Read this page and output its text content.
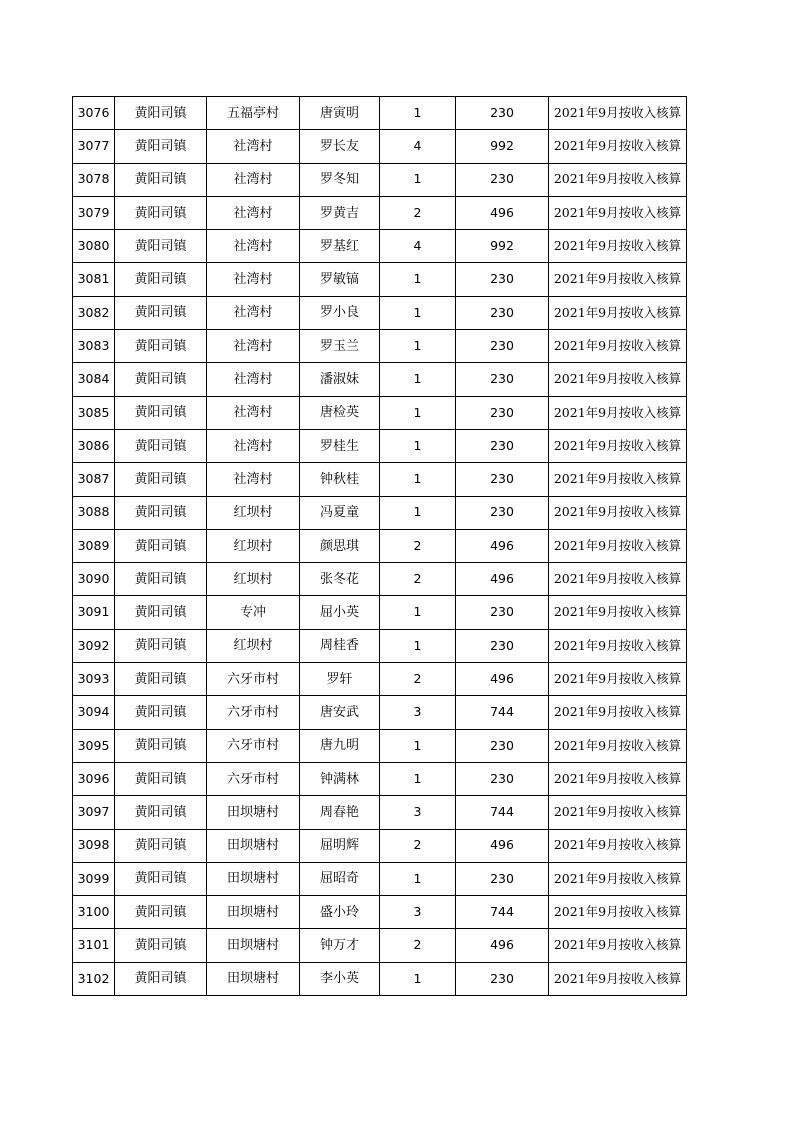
3076	黄阳司镇	五福亭村	唐寅明	1	230	2021年9月按收入核算
3077	黄阳司镇	社湾村	罗长友	4	992	2021年9月按收入核算
3078	黄阳司镇	社湾村	罗冬知	1	230	2021年9月按收入核算
3079	黄阳司镇	社湾村	罗黄吉	2	496	2021年9月按收入核算
3080	黄阳司镇	社湾村	罗基红	4	992	2021年9月按收入核算
3081	黄阳司镇	社湾村	罗敏镐	1	230	2021年9月按收入核算
3082	黄阳司镇	社湾村	罗小良	1	230	2021年9月按收入核算
3083	黄阳司镇	社湾村	罗玉兰	1	230	2021年9月按收入核算
3084	黄阳司镇	社湾村	潘淑妹	1	230	2021年9月按收入核算
3085	黄阳司镇	社湾村	唐检英	1	230	2021年9月按收入核算
3086	黄阳司镇	社湾村	罗桂生	1	230	2021年9月按收入核算
3087	黄阳司镇	社湾村	钟秋桂	1	230	2021年9月按收入核算
3088	黄阳司镇	红坝村	冯夏童	1	230	2021年9月按收入核算
3089	黄阳司镇	红坝村	颜思琪	2	496	2021年9月按收入核算
3090	黄阳司镇	红坝村	张冬花	2	496	2021年9月按收入核算
3091	黄阳司镇	专冲	屈小英	1	230	2021年9月按收入核算
3092	黄阳司镇	红坝村	周桂香	1	230	2021年9月按收入核算
3093	黄阳司镇	六牙市村	罗轩	2	496	2021年9月按收入核算
3094	黄阳司镇	六牙市村	唐安武	3	744	2021年9月按收入核算
3095	黄阳司镇	六牙市村	唐九明	1	230	2021年9月按收入核算
3096	黄阳司镇	六牙市村	钟满林	1	230	2021年9月按收入核算
3097	黄阳司镇	田坝塘村	周春艳	3	744	2021年9月按收入核算
3098	黄阳司镇	田坝塘村	屈明辉	2	496	2021年9月按收入核算
3099	黄阳司镇	田坝塘村	屈昭奇	1	230	2021年9月按收入核算
3100	黄阳司镇	田坝塘村	盛小玲	3	744	2021年9月按收入核算
3101	黄阳司镇	田坝塘村	钟万才	2	496	2021年9月按收入核算
3102	黄阳司镇	田坝塘村	李小英	1	230	2021年9月按收入核算
